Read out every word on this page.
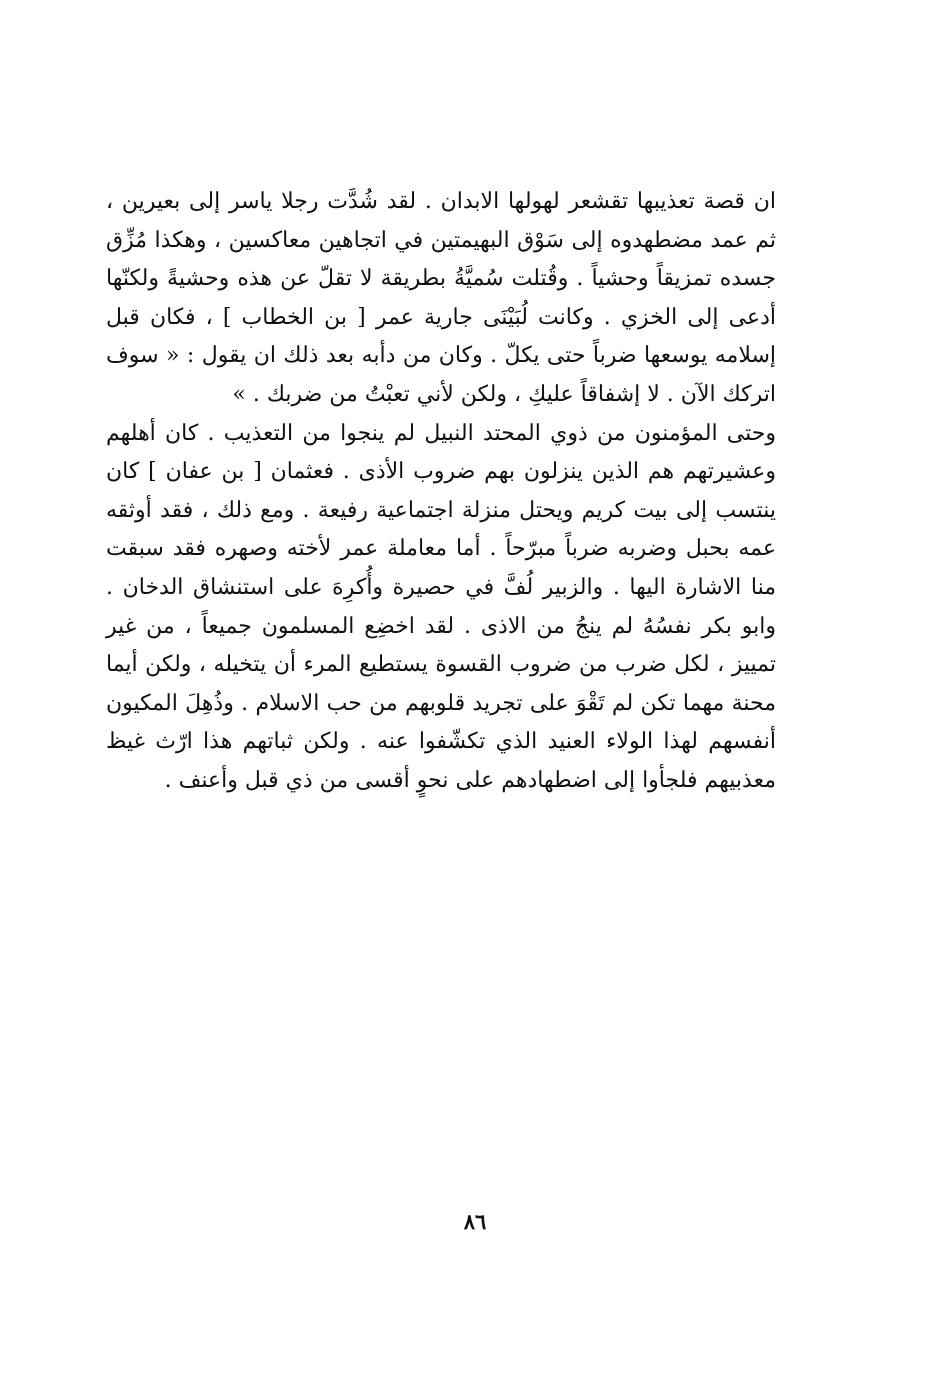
ان قصة تعذيبها تقشعر لهولها الابدان . لقد شُدَّت رجلا ياسر إلى بعيرين ، ثم عمد مضطهدوه إلى سَوْق البهيمتين في اتجاهين معاكسين ، وهكذا مُزِّق جسده تمزيقاً وحشياً . وقُتلت سُميَّةُ بطريقة لا تقلّ عن هذه وحشيةً ولكنّها أدعى إلى الخزي . وكانت لُبَيْنَى جارية عمر [ بن الخطاب ] ، فكان قبل إسلامه يوسعها ضرباً حتى يكلّ . وكان من دأبه بعد ذلك ان يقول : « سوف اتركك الآن . لا إشفاقاً عليكِ ، ولكن لأني تعبْتُ من ضربك . »

وحتى المؤمنون من ذوي المحتد النبيل لم ينجوا من التعذيب . كان أهلهم وعشيرتهم هم الذين ينزلون بهم ضروب الأذى . فعثمان [ بن عفان ] كان ينتسب إلى بيت كريم ويحتل منزلة اجتماعية رفيعة . ومع ذلك ، فقد أوثقه عمه بحبل وضربه ضرباً مبرّحاً . أما معاملة عمر لأخته وصهره فقد سبقت منا الاشارة اليها . والزبير لُفَّ في حصيرة وأُكرِهَ على استنشاق الدخان . وابو بكر نفسُهُ لم ينجُ من الاذى . لقد اخضِع المسلمون جميعاً ، من غير تمييز ، لكل ضرب من ضروب القسوة يستطيع المرء أن يتخيله ، ولكن أيما محنة مهما تكن لم تَقْوَ على تجريد قلوبهم من حب الاسلام . وذُهِلَ المكيون أنفسهم لهذا الولاء العنيد الذي تكشّفوا عنه . ولكن ثباتهم هذا ارّث غيظ معذبيهم فلجأوا إلى اضطهادهم على نحوٍ أقسى من ذي قبل وأعنف .

٨٦
